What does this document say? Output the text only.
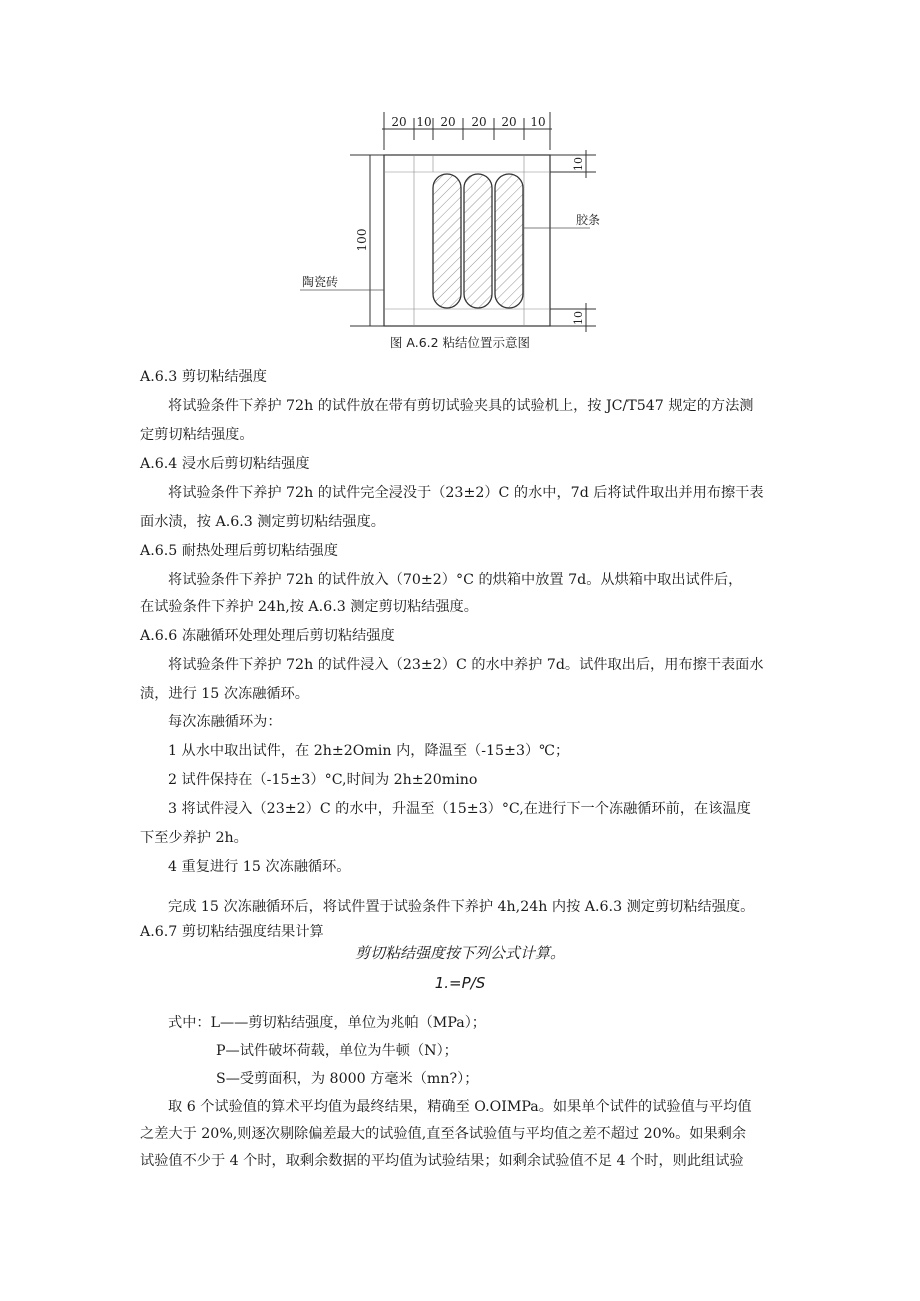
20 10 20 20 20 10
100
陶瓷砖
胶条
10
10
图 A.6.2 粘结位置示意图
A.6.3 剪切粘结强度
将试验条件下养护 72h 的试件放在带有剪切试验夹具的试验机上，按 JC/T547 规定的方法测
定剪切粘结强度。
A.6.4 浸水后剪切粘结强度
将试验条件下养护 72h 的试件完全浸没于（23±2）C 的水中，7d 后将试件取出并用布擦干表
面水渍，按 A.6.3 测定剪切粘结强度。
A.6.5 耐热处理后剪切粘结强度
将试验条件下养护 72h 的试件放入（70±2）°C 的烘箱中放置 7d。从烘箱中取出试件后，
在试验条件下养护 24h,按 A.6.3 测定剪切粘结强度。
A.6.6 冻融循环处理处理后剪切粘结强度
将试验条件下养护 72h 的试件浸入（23±2）C 的水中养护 7d。试件取出后，用布擦干表面水
渍，进行 15 次冻融循环。
每次冻融循环为：
1 从水中取出试件，在 2h±2Omin 内，降温至（-15±3）℃；
2 试件保持在（-15±3）°C,时间为 2h±20mino
3 将试件浸入（23±2）C 的水中，升温至（15±3）°C,在进行下一个冻融循环前，在该温度
下至少养护 2h。
4 重复进行 15 次冻融循环。
完成 15 次冻融循环后，将试件置于试验条件下养护 4h,24h 内按 A.6.3 测定剪切粘结强度。
A.6.7 剪切粘结强度结果计算
剪切粘结强度按下列公式计算。
1.=P/S
式中：L——剪切粘结强度，单位为兆帕（MPa）；
P—试件破坏荷载，单位为牛顿（N）；
S—受剪面积，为 8000 方毫米（mn?）；
取 6 个试验值的算术平均值为最终结果，精确至 O.OIMPa。如果单个试件的试验值与平均值
之差大于 20%,则逐次剔除偏差最大的试验值,直至各试验值与平均值之差不超过 20%。如果剩余
试验值不少于 4 个时，取剩余数据的平均值为试验结果；如剩余试验值不足 4 个时，则此组试验
